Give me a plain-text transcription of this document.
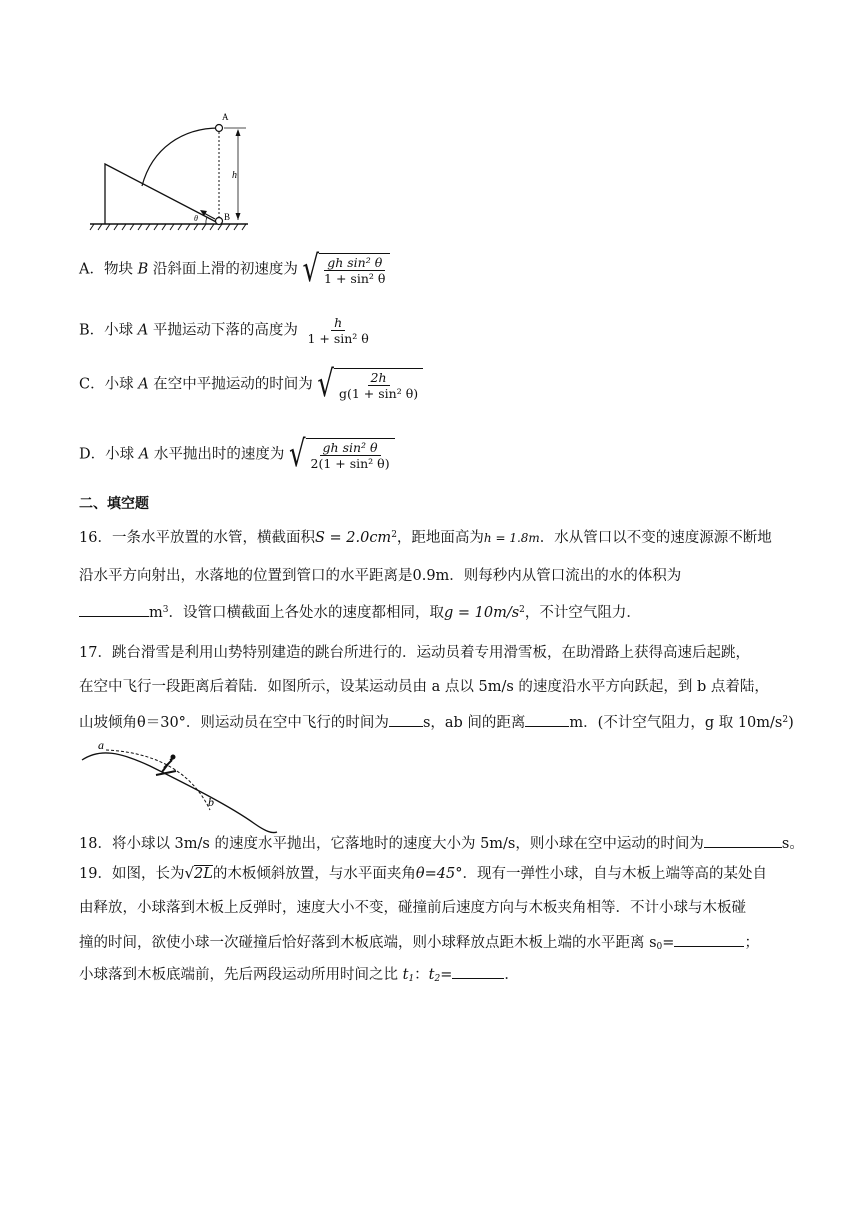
A
B
h
θ
A．物块 B 沿斜面上滑的初速度为 √ $\frac{\text{gh sin² θ}}{\text{1 + sin² θ}}$
B．小球 A 平抛运动下落的高度为 $\frac{h}{\text{1 + sin² θ}}$
C．小球 A 在空中平抛运动的时间为 √ $\frac{2h}{\text{g(1 + sin² θ)}}$
D．小球 A 水平抛出时的速度为 √ $\frac{\text{gh sin² θ}}{\text{2(1 + sin² θ)}}$
二、填空题
16．一条水平放置的水管，横截面积$S = 2.0cm^2$，距地面高为h = 1.8m．水从管口以不变的速度源源不断地
沿水平方向射出，水落地的位置到管口的水平距离是0.9m．则每秒内从管口流出的水的体积为
$m^3$．设管口横截面上各处水的速度都相同，取$g = 10m/s^2$，不计空气阻力．
17．跳台滑雪是利用山势特别建造的跳台所进行的．运动员着专用滑雪板，在助滑路上获得高速后起跳，
在空中飞行一段距离后着陆．如图所示，设某运动员由 a 点以 5m/s 的速度沿水平方向跃起，到 b 点着陆，
山坡倾角θ＝30°．则运动员在空中飞行的时间为 s，ab 间的距离	m．(不计空气阻力，g 取 $10m/s^2$)
a
b
18．将小球以 3m/s 的速度水平抛出，它落地时的速度大小为 5m/s，则小球在空中运动的时间为	s。
19．如图，长为√2L的木板倾斜放置，与水平面夹角θ=45°．现有一弹性小球，自与木板上端等高的某处自
由释放，小球落到木板上反弹时，速度大小不变，碰撞前后速度方向与木板夹角相等．不计小球与木板碰
撞的时间，欲使小球一次碰撞后恰好落到木板底端，则小球释放点距木板上端的水平距离 $s_0=$	；
小球落到木板底端前，先后两段运动所用时间之比 $t_1$：$t_2=$	．
